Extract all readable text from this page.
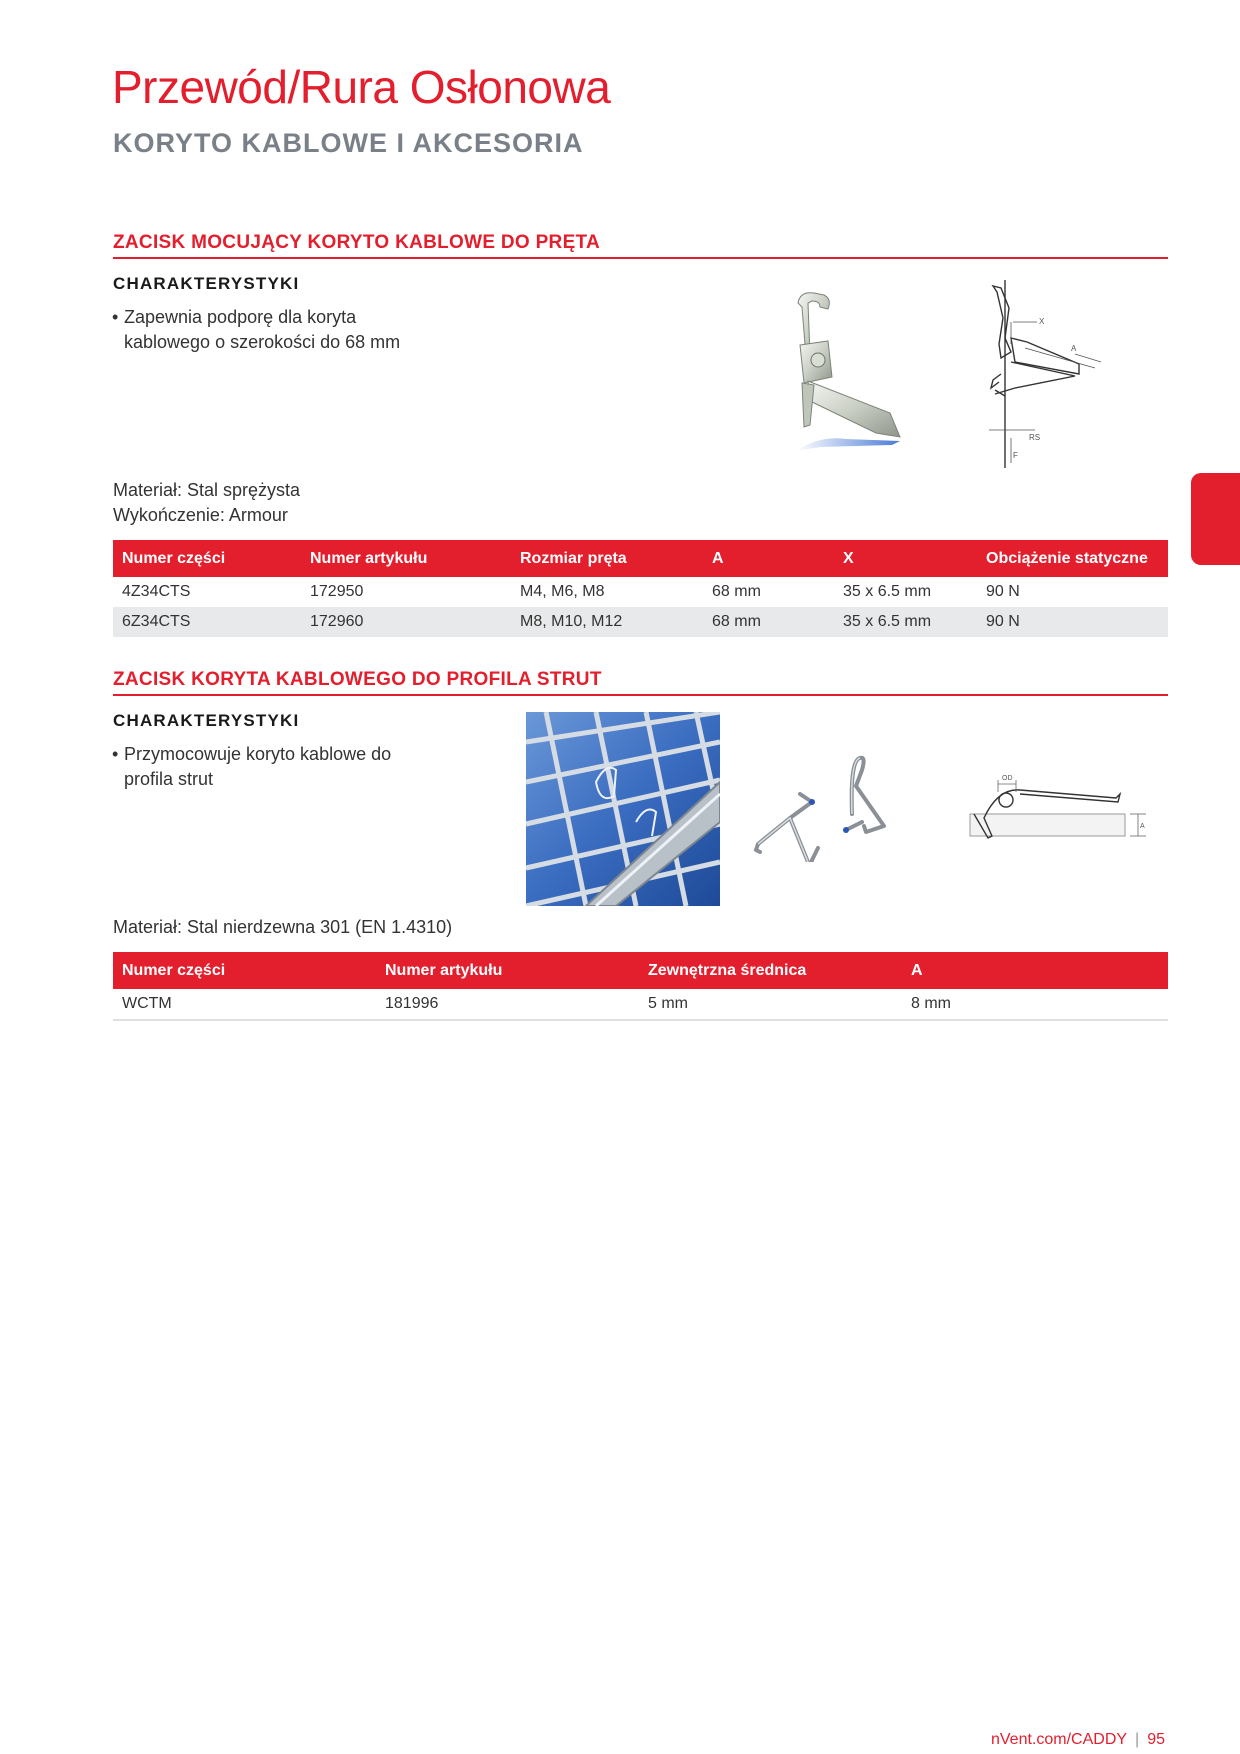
Przewód/Rura Osłonowa
KORYTO KABLOWE I AKCESORIA
ZACISK MOCUJĄCY KORYTO KABLOWE DO PRĘTA
CHARAKTERYSTYKI
• Zapewnia podporę dla koryta kablowego o szerokości do 68 mm
X
A
RS
F
Materiał: Stal sprężysta
Wykończenie: Armour
Numer części	Numer artykułu	Rozmiar pręta	A	X	Obciążenie statyczne
4Z34CTS	172950	M4, M6, M8	68 mm	35 x 6.5 mm	90 N
6Z34CTS	172960	M8, M10, M12	68 mm	35 x 6.5 mm	90 N
ZACISK KORYTA KABLOWEGO DO PROFILA STRUT
CHARAKTERYSTYKI
• Przymocowuje koryto kablowe do profila strut	OD
A
Materiał: Stal nierdzewna 301 (EN 1.4310)
Numer części	Numer artykułu	Zewnętrzna średnica	A
WCTM	181996	5 mm	8 mm
nVent.com/CADDY | 95
